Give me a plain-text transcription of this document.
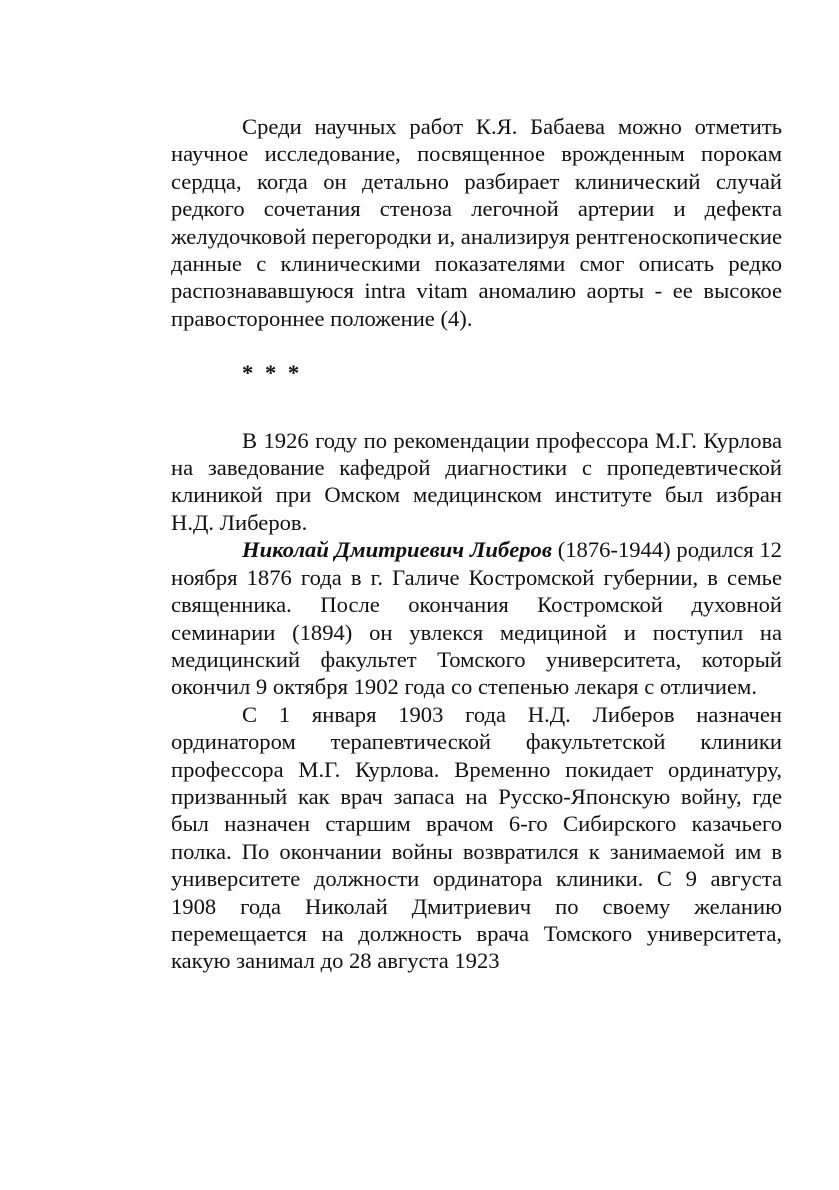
Среди научных работ К.Я. Бабаева можно отметить научное исследование, посвященное врожденным порокам сердца, когда он детально разбирает клинический случай редкого сочетания стеноза легочной артерии и дефекта желудочковой перегородки и, анализируя рентгеноскопические данные с клиническими показателями смог описать редко распознававшуюся intra vitam аномалию аорты - ее высокое правостороннее положение (4).

* * *

В 1926 году по рекомендации профессора М.Г. Курлова на заведование кафедрой диагностики с пропедевтической клиникой при Омском медицинском институте был избран Н.Д. Либеров.

Николай Дмитриевич Либеров (1876-1944) родился 12 ноября 1876 года в г. Галиче Костромской губернии, в семье священника. После окончания Костромской духовной семинарии (1894) он увлекся медициной и поступил на медицинский факультет Томского университета, который окончил 9 октября 1902 года со степенью лекаря с отличием.

С 1 января 1903 года Н.Д. Либеров назначен ординатором терапевтической факультетской клиники профессора М.Г. Курлова. Временно покидает ординатуру, призванный как врач запаса на Русско-Японскую войну, где был назначен старшим врачом 6-го Сибирского казачьего полка. По окончании войны возвратился к занимаемой им в университете должности ординатора клиники. С 9 августа 1908 года Николай Дмитриевич по своему желанию перемещается на должность врача Томского университета, какую занимал до 28 августа 1923
